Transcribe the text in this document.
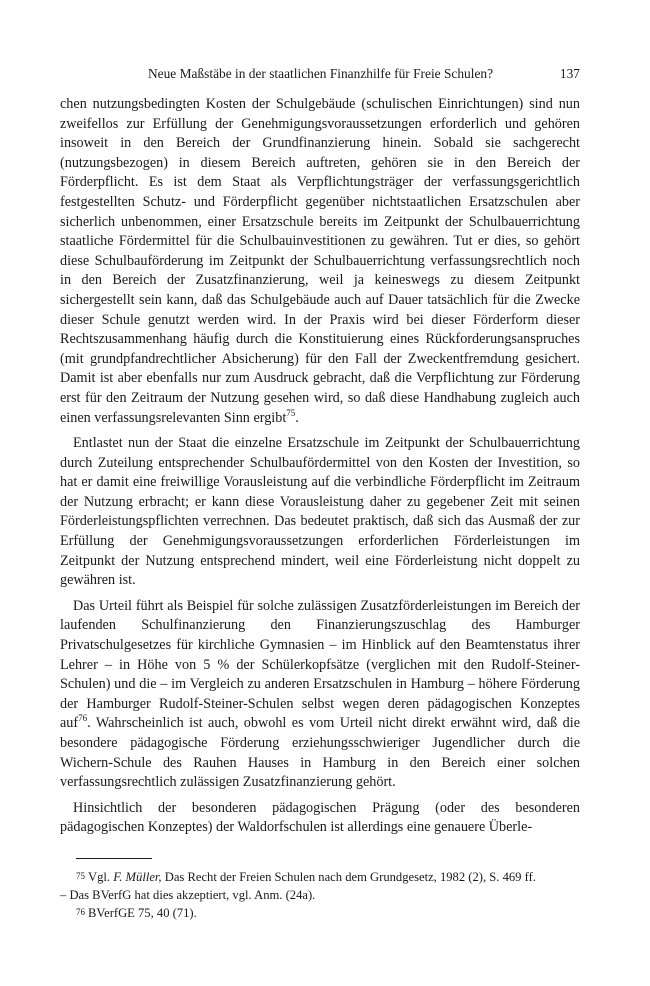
Neue Maßstäbe in der staatlichen Finanzhilfe für Freie Schulen?	137

chen nutzungsbedingten Kosten der Schulgebäude (schulischen Einrichtungen) sind nun zweifellos zur Erfüllung der Genehmigungsvoraussetzungen erforderlich und gehören insoweit in den Bereich der Grundfinanzierung hinein. Sobald sie sachgerecht (nutzungsbezogen) in diesem Bereich auftreten, gehören sie in den Bereich der Förderpflicht. Es ist dem Staat als Verpflichtungsträger der verfassungsgerichtlich festgestellten Schutz- und Förderpflicht gegenüber nichtstaatlichen Ersatzschulen aber sicherlich unbenommen, einer Ersatzschule bereits im Zeitpunkt der Schulbauerrichtung staatliche Fördermittel für die Schulbauinvestitionen zu gewähren. Tut er dies, so gehört diese Schulbauförderung im Zeitpunkt der Schulbauerrichtung verfassungsrechtlich noch in den Bereich der Zusatzfinanzierung, weil ja keineswegs zu diesem Zeitpunkt sichergestellt sein kann, daß das Schulgebäude auch auf Dauer tatsächlich für die Zwecke dieser Schule genutzt werden wird. In der Praxis wird bei dieser Förderform dieser Rechtszusammenhang häufig durch die Konstituierung eines Rückforderungsanspruches (mit grundpfandrechtlicher Absicherung) für den Fall der Zweckentfremdung gesichert. Damit ist aber ebenfalls nur zum Ausdruck gebracht, daß die Verpflichtung zur Förderung erst für den Zeitraum der Nutzung gesehen wird, so daß diese Handhabung zugleich auch einen verfassungsrelevanten Sinn ergibt$^{75}$.

Entlastet nun der Staat die einzelne Ersatzschule im Zeitpunkt der Schulbauerrichtung durch Zuteilung entsprechender Schulbaufördermittel von den Kosten der Investition, so hat er damit eine freiwillige Vorausleistung auf die verbindliche Förderpflicht im Zeitraum der Nutzung erbracht; er kann diese Vorausleistung daher zu gegebener Zeit mit seinen Förderleistungspflichten verrechnen. Das bedeutet praktisch, daß sich das Ausmaß der zur Erfüllung der Genehmigungsvoraussetzungen erforderlichen Förderleistungen im Zeitpunkt der Nutzung entsprechend mindert, weil eine Förderleistung nicht doppelt zu gewähren ist.

Das Urteil führt als Beispiel für solche zulässigen Zusatzförderleistungen im Bereich der laufenden Schulfinanzierung den Finanzierungszuschlag des Hamburger Privatschulgesetzes für kirchliche Gymnasien – im Hinblick auf den Beamtenstatus ihrer Lehrer – in Höhe von 5 % der Schülerkopfsätze (verglichen mit den Rudolf-Steiner-Schulen) und die – im Vergleich zu anderen Ersatzschulen in Hamburg – höhere Förderung der Hamburger Rudolf-Steiner-Schulen selbst wegen deren pädagogischen Konzeptes auf$^{76}$. Wahrscheinlich ist auch, obwohl es vom Urteil nicht direkt erwähnt wird, daß die besondere pädagogische Förderung erziehungsschwieriger Jugendlicher durch die Wichern-Schule des Rauhen Hauses in Hamburg in den Bereich einer solchen verfassungsrechtlich zulässigen Zusatzfinanzierung gehört.

Hinsichtlich der besonderen pädagogischen Prägung (oder des besonderen pädagogischen Konzeptes) der Waldorfschulen ist allerdings eine genauere Überle-

75 Vgl. F. Müller, Das Recht der Freien Schulen nach dem Grundgesetz, 1982 (2), S. 469 ff.

– Das BVerfG hat dies akzeptiert, vgl. Anm. (24a).

76 BVerfGE 75, 40 (71).
